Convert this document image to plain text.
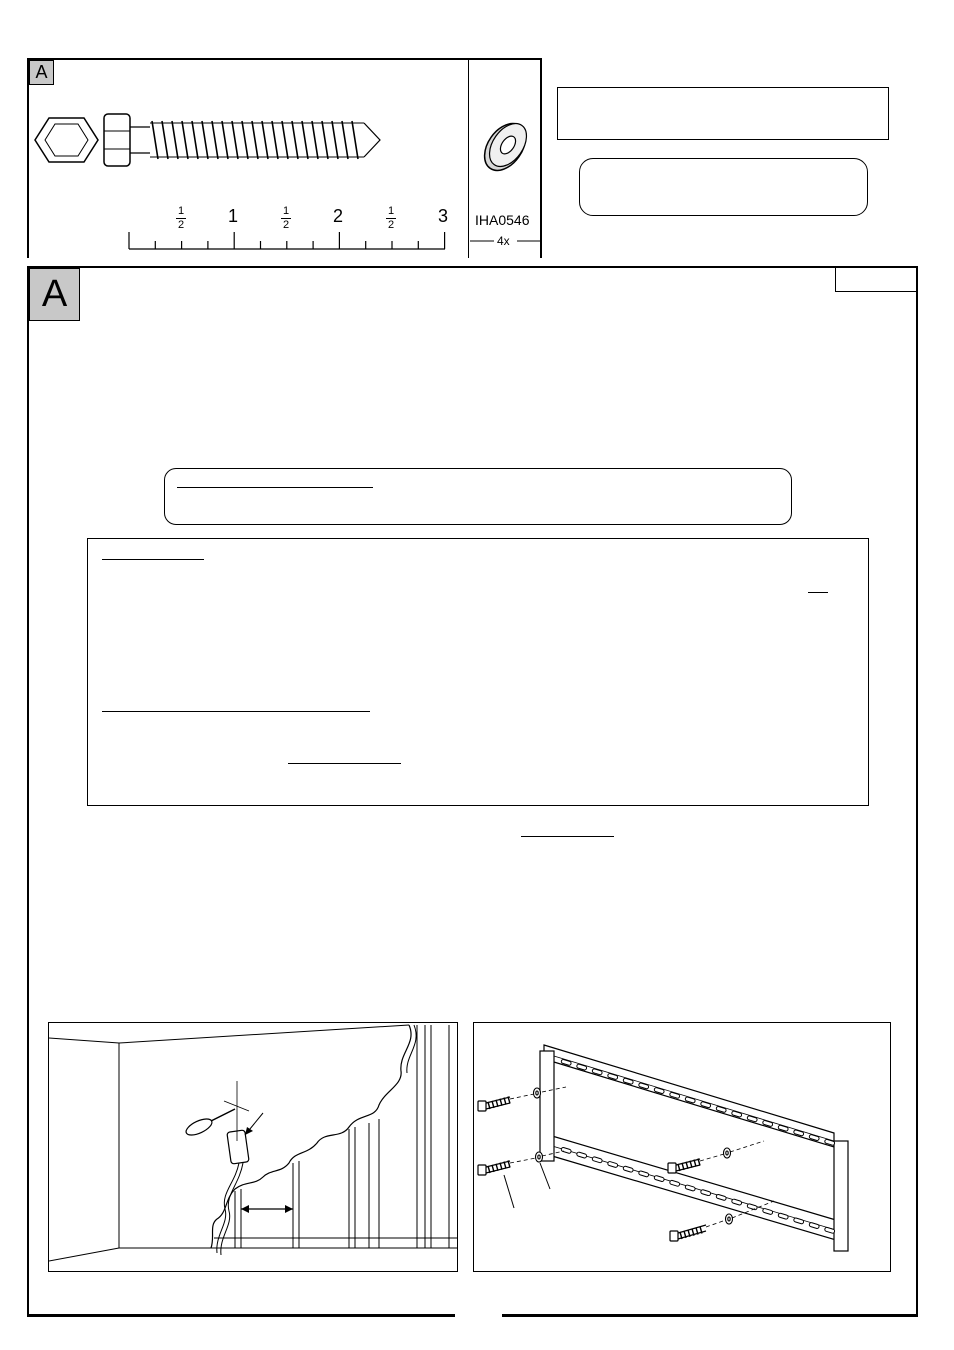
A
1
2 1	1
2 2	1
2 3 IHA0546
4x
A
